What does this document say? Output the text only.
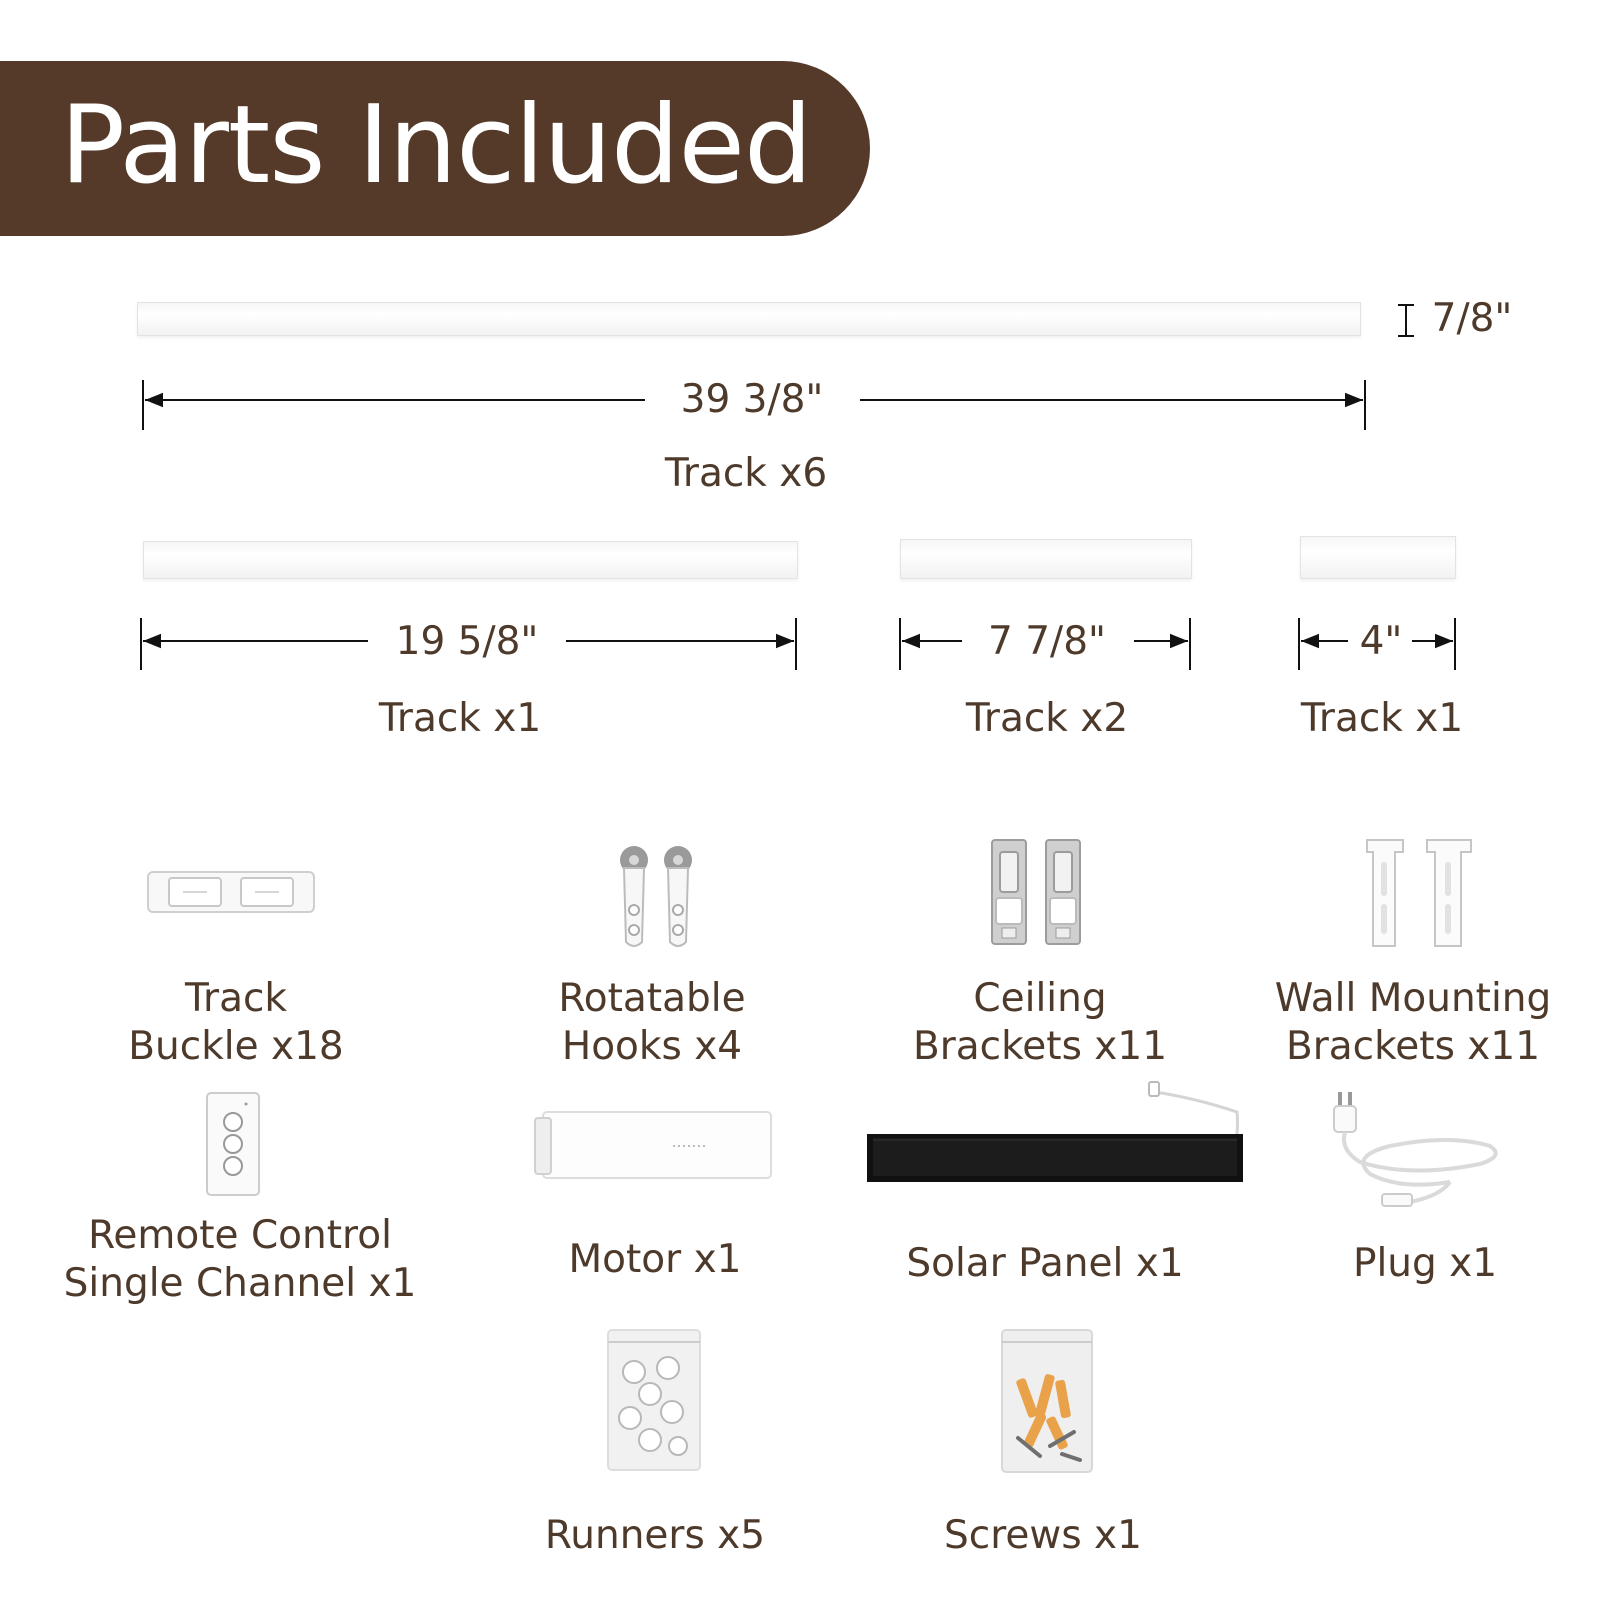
Parts Included
7/8"
39 3/8"
19 5/8"	7 7/8"	4"
Track x6
Track x1	Track x2	Track x1
Track
Buckle x18
Rotatable
Hooks x4
Ceiling
Brackets x11
Wall Mounting
Brackets x11
Remote Control
Single Channel x1
Motor x1	Solar Panel x1	Plug x1
Runners x5	Screws x1
